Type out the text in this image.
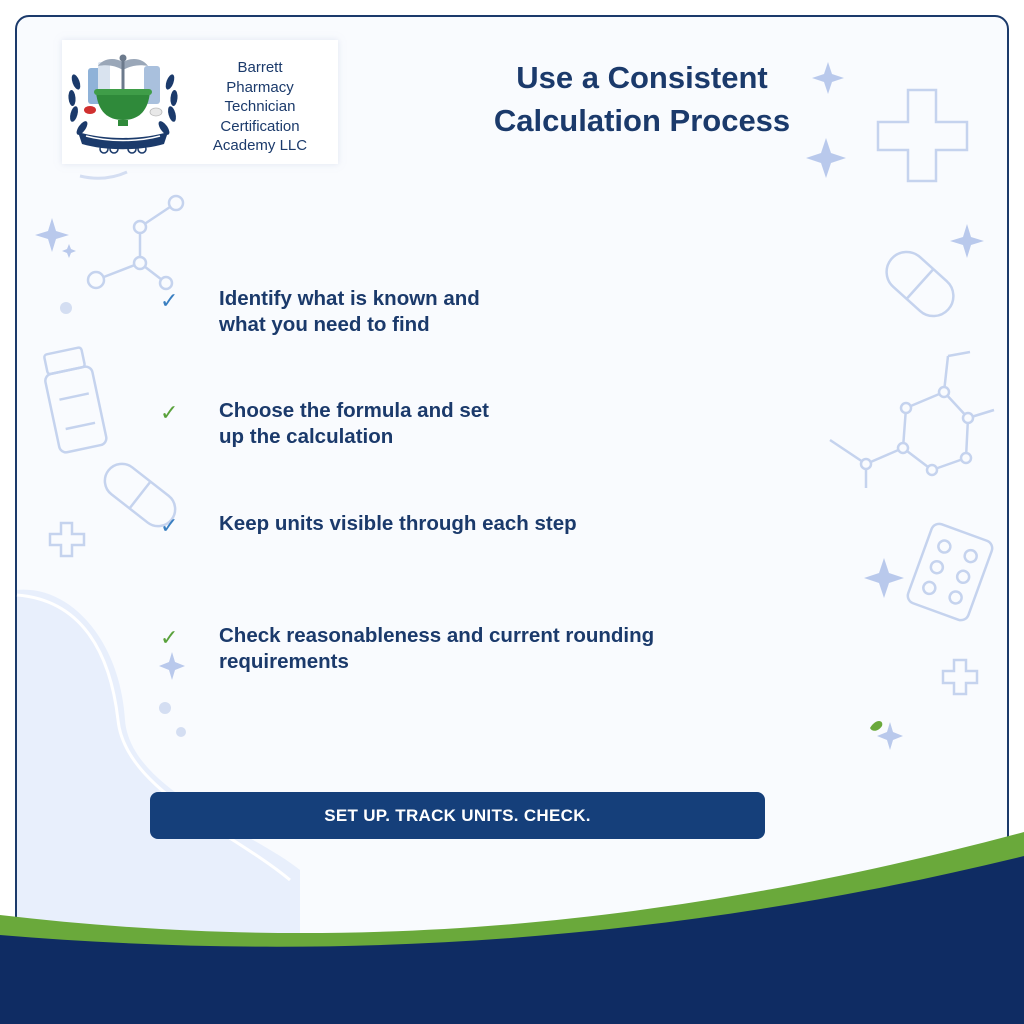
Barrett
Pharmacy
Technician
Certification
Academy LLC
Use a Consistent
Calculation Process
✓ Identify what is known and
what you need to find
✓ Choose the formula and set
up the calculation
✓ Keep units visible through each step
✓ Check reasonableness and current rounding
requirements
SET UP. TRACK UNITS. CHECK.
